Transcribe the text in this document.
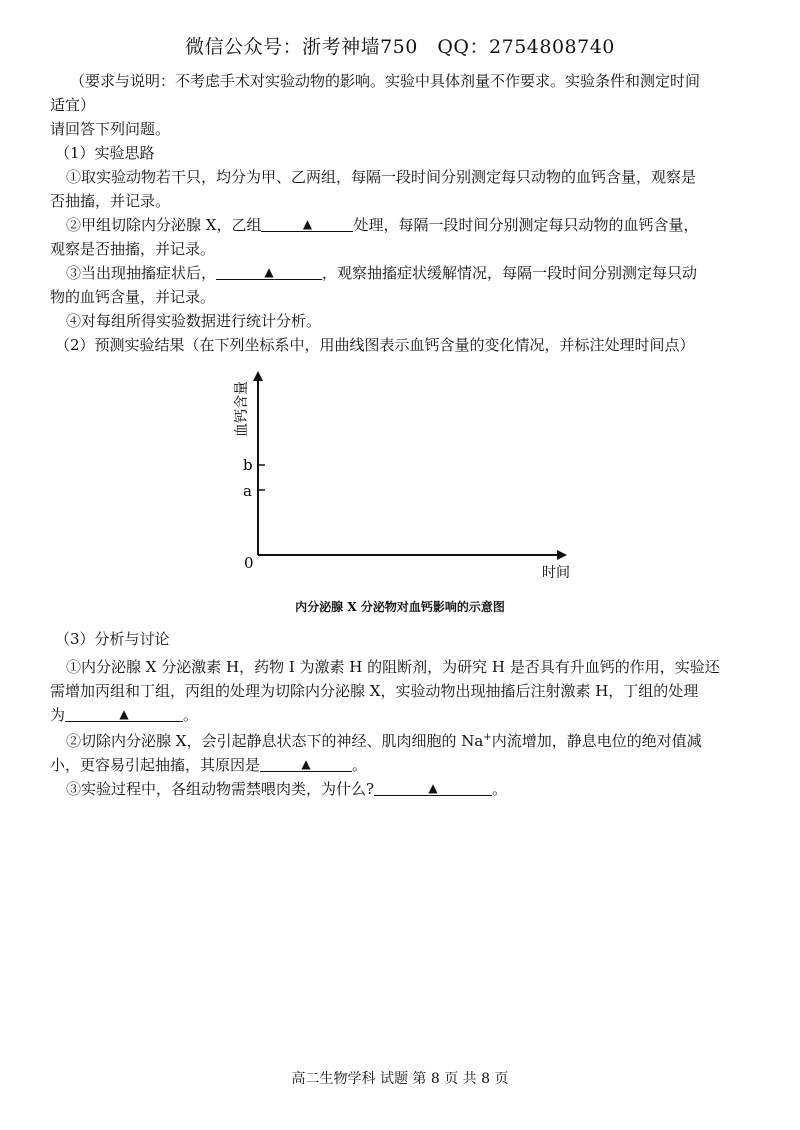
微信公众号：浙考神墙750　QQ：2754808740
（要求与说明：不考虑手术对实验动物的影响。实验中具体剂量不作要求。实验条件和测定时间
适宜）
请回答下列问题。
（1）实验思路
①取实验动物若干只，均分为甲、乙两组，每隔一段时间分别测定每只动物的血钙含量，观察是
否抽搐，并记录。
②甲组切除内分泌腺 X，乙组	▲	处理，每隔一段时间分别测定每只动物的血钙含量，
观察是否抽搐，并记录。
③当出现抽搐症状后，	▲	，观察抽搐症状缓解情况，每隔一段时间分别测定每只动
物的血钙含量，并记录。
④对每组所得实验数据进行统计分析。
（2）预测实验结果（在下列坐标系中，用曲线图表示血钙含量的变化情况，并标注处理时间点）
b
a
0
时间
血钙含量
内分泌腺 X 分泌物对血钙影响的示意图
（3）分析与讨论
①内分泌腺 X 分泌激素 H，药物 I 为激素 H 的阻断剂，为研究 H 是否具有升血钙的作用，实验还
需增加丙组和丁组，丙组的处理为切除内分泌腺 X，实验动物出现抽搐后注射激素 H，丁组的处理
为	▲	。
②切除内分泌腺 X，会引起静息状态下的神经、肌肉细胞的 Na+内流增加，静息电位的绝对值减
小，更容易引起抽搐，其原因是	▲	。
③实验过程中，各组动物需禁喂肉类，为什么?	▲	。
高二生物学科 试题 第 8 页 共 8 页
